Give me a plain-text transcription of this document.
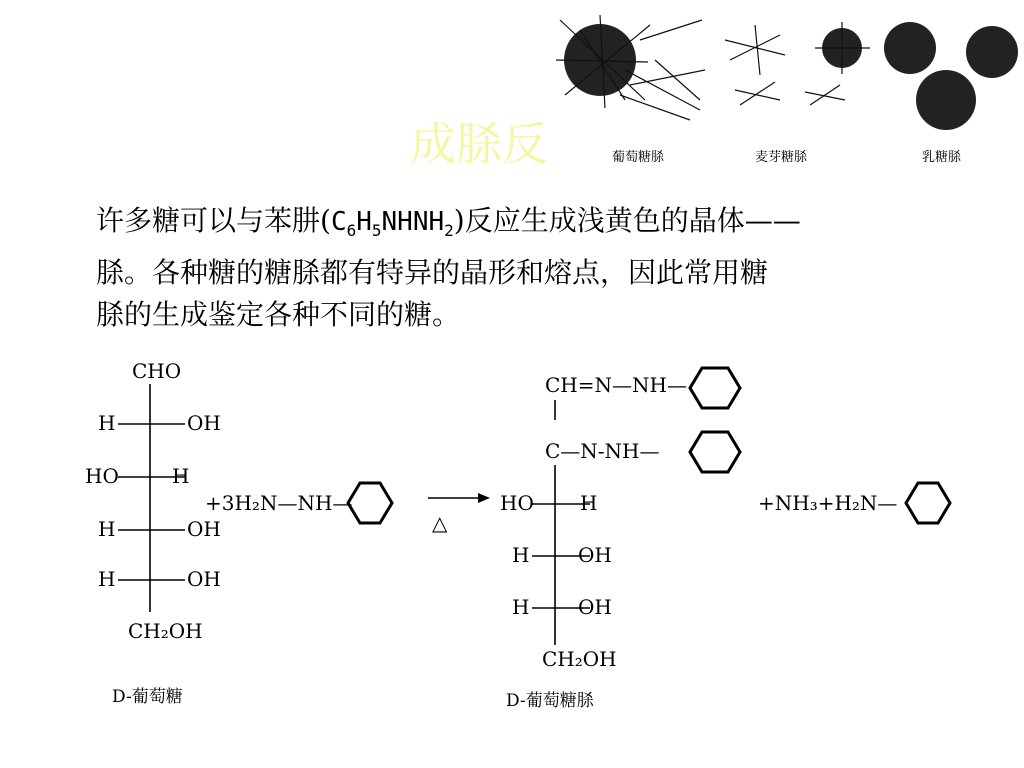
成脎反	葡萄糖脎	麦芽糖脎	乳糖脎
许多糖可以与苯肼$(C_6H_5NHNH_2)$反应生成浅黄色的晶体——
脎。各种糖的糖脎都有特异的晶形和熔点，因此常用糖
脎的生成鉴定各种不同的糖。
CHO
H	OH
HO	H
H	OH
H	OH
CH₂OH
D-葡萄糖
+3H₂N—NH—
△
CH=N—NH—
C—N-NH—
HO H
H OH
H OH
CH₂OH
D-葡萄糖脎
+NH₃+H₂N—
